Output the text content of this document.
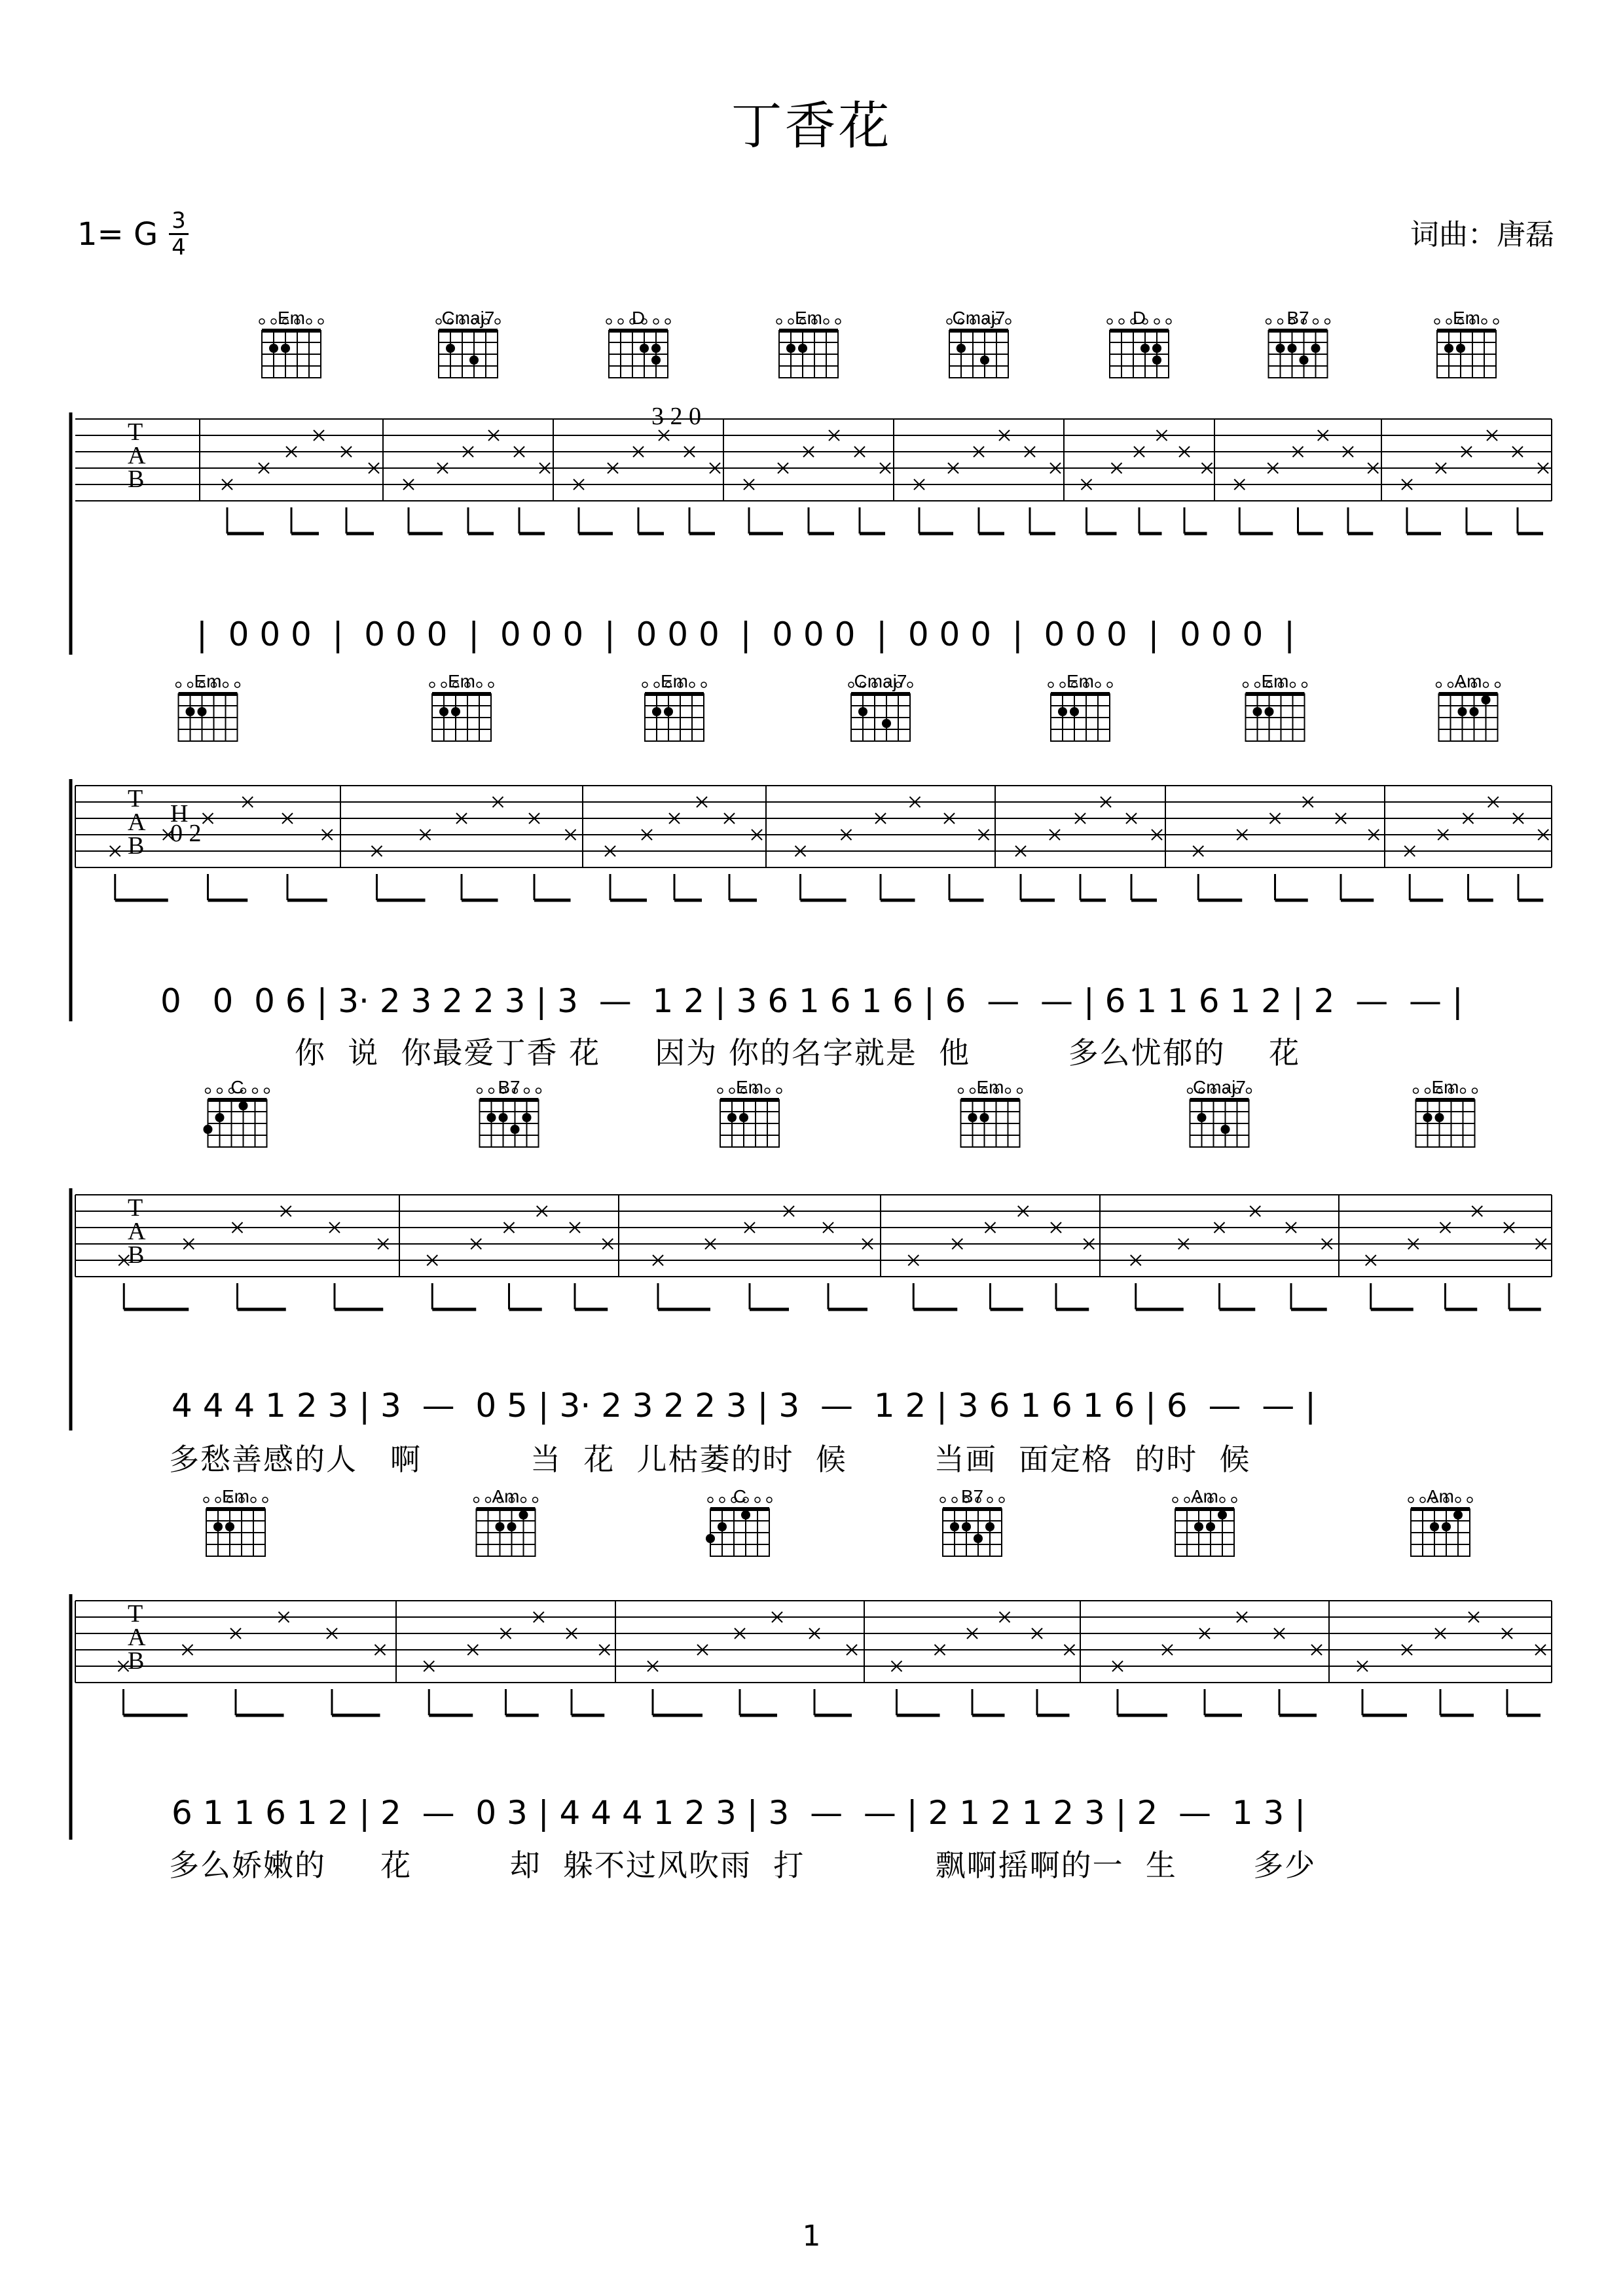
丁香花
1= G 3
4	词曲：唐磊
T
A
B
Em	Cmaj7	D	Em	Cmaj7	D	B7	Em
3 2 0
|  0 0 0  |  0 0 0  |  0 0 0  |  0 0 0  |  0 0 0  |  0 0 0  |  0 0 0  |  0 0 0  |
T
A
B
Em	Em	Em	Cmaj7	Em	Em	Am
H
0 2
0   0  0 6 | 3· 2 3 2 2 3 | 3  —  1 2 | 3 6 1 6 1 6 | 6  —  — | 6 1 1 6 1 2 | 2  —  — |
你  说  你最爱丁香 花     因为 你的名字就是  他         多么忧郁的    花
T
A
B
C	B7	Em	Em	Cmaj7	Em
4 4 4 1 2 3 | 3  —  0 5 | 3· 2 3 2 2 3 | 3  —  1 2 | 3 6 1 6 1 6 | 6  —  — |
多愁善感的人   啊          当  花  儿枯萎的时  候        当画  面定格  的时  候
T
A
B
Em	Am	C	B7	Am	Am
6 1 1 6 1 2 | 2  —  0 3 | 4 4 4 1 2 3 | 3  —  — | 2 1 2 1 2 3 | 2  —  1 3 |
多么娇嫩的     花         却  躲不过风吹雨  打            飘啊摇啊的一  生       多少
1
